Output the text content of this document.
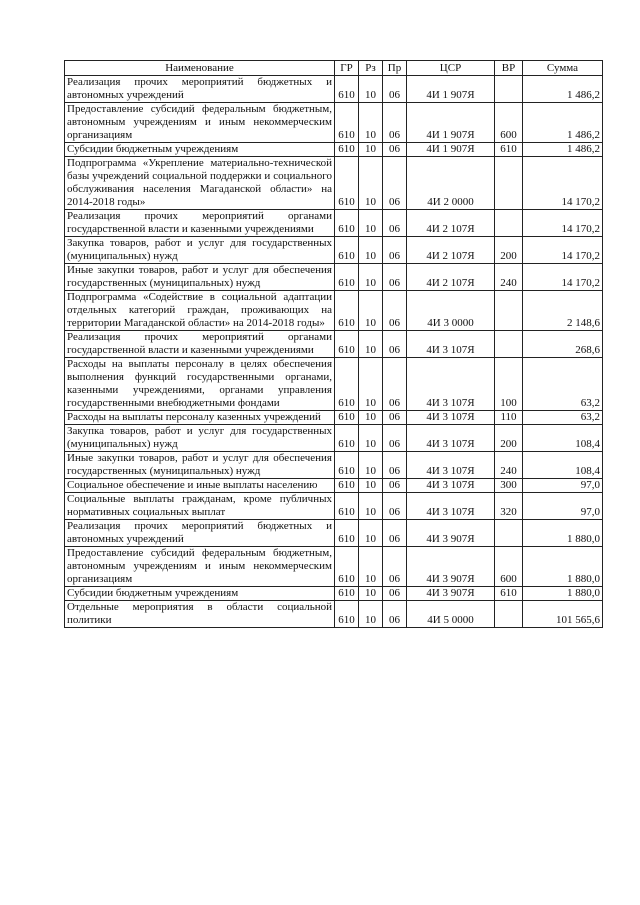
Наименование	ГР	Рз	Пр	ЦСР	ВР	Сумма
Реализация прочих мероприятий бюджетных и автономных учреждений	610	10	06	4И 1 907Я		1 486,2
Предоставление субсидий федеральным бюджетным, автономным учреждениям и иным некоммерческим организациям	610	10	06	4И 1 907Я	600	1 486,2
Субсидии бюджетным учреждениям	610	10	06	4И 1 907Я	610	1 486,2
Подпрограмма «Укрепление материально-технической базы учреждений социальной поддержки и социального обслуживания населения Магаданской области» на 2014-2018 годы»	610	10	06	4И 2 0000		14 170,2
Реализация прочих мероприятий органами государственной власти и казенными учреждениями	610	10	06	4И 2 107Я		14 170,2
Закупка товаров, работ и услуг для государственных (муниципальных) нужд	610	10	06	4И 2 107Я	200	14 170,2
Иные закупки товаров, работ и услуг для обеспечения государственных (муниципальных) нужд	610	10	06	4И 2 107Я	240	14 170,2
Подпрограмма «Содействие в социальной адаптации отдельных категорий граждан, проживающих на территории Магаданской области» на 2014-2018 годы»	610	10	06	4И 3 0000		2 148,6
Реализация прочих мероприятий органами государственной власти и казенными учреждениями	610	10	06	4И 3 107Я		268,6
Расходы на выплаты персоналу в целях обеспечения выполнения функций государственными органами, казенными учреждениями, органами управления государственными внебюджетными фондами	610	10	06	4И 3 107Я	100	63,2
Расходы на выплаты персоналу казенных учреждений	610	10	06	4И 3 107Я	110	63,2
Закупка товаров, работ и услуг для государственных (муниципальных) нужд	610	10	06	4И 3 107Я	200	108,4
Иные закупки товаров, работ и услуг для обеспечения государственных (муниципальных) нужд	610	10	06	4И 3 107Я	240	108,4
Социальное обеспечение и иные выплаты населению	610	10	06	4И 3 107Я	300	97,0
Социальные выплаты гражданам, кроме публичных нормативных социальных выплат	610	10	06	4И 3 107Я	320	97,0
Реализация прочих мероприятий бюджетных и автономных учреждений	610	10	06	4И 3 907Я		1 880,0
Предоставление субсидий федеральным бюджетным, автономным учреждениям и иным некоммерческим организациям	610	10	06	4И 3 907Я	600	1 880,0
Субсидии бюджетным учреждениям	610	10	06	4И 3 907Я	610	1 880,0
Отдельные мероприятия в области социальной политики	610	10	06	4И 5 0000		101 565,6
